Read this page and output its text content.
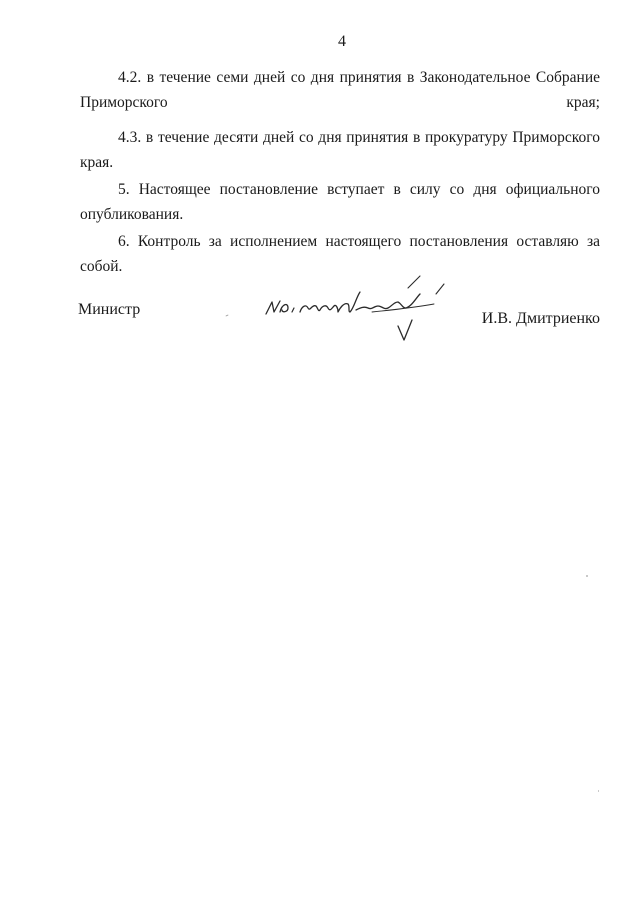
4

4.2. в течение семи дней со дня принятия в Законодательное Собрание Приморского края;

4.3. в течение десяти дней со дня принятия в прокуратуру Приморского края.

5. Настоящее постановление вступает в силу со дня официального опубликования.

6. Контроль за исполнением настоящего постановления оставляю за собой.

Министр
И.В. Дмитриенко
